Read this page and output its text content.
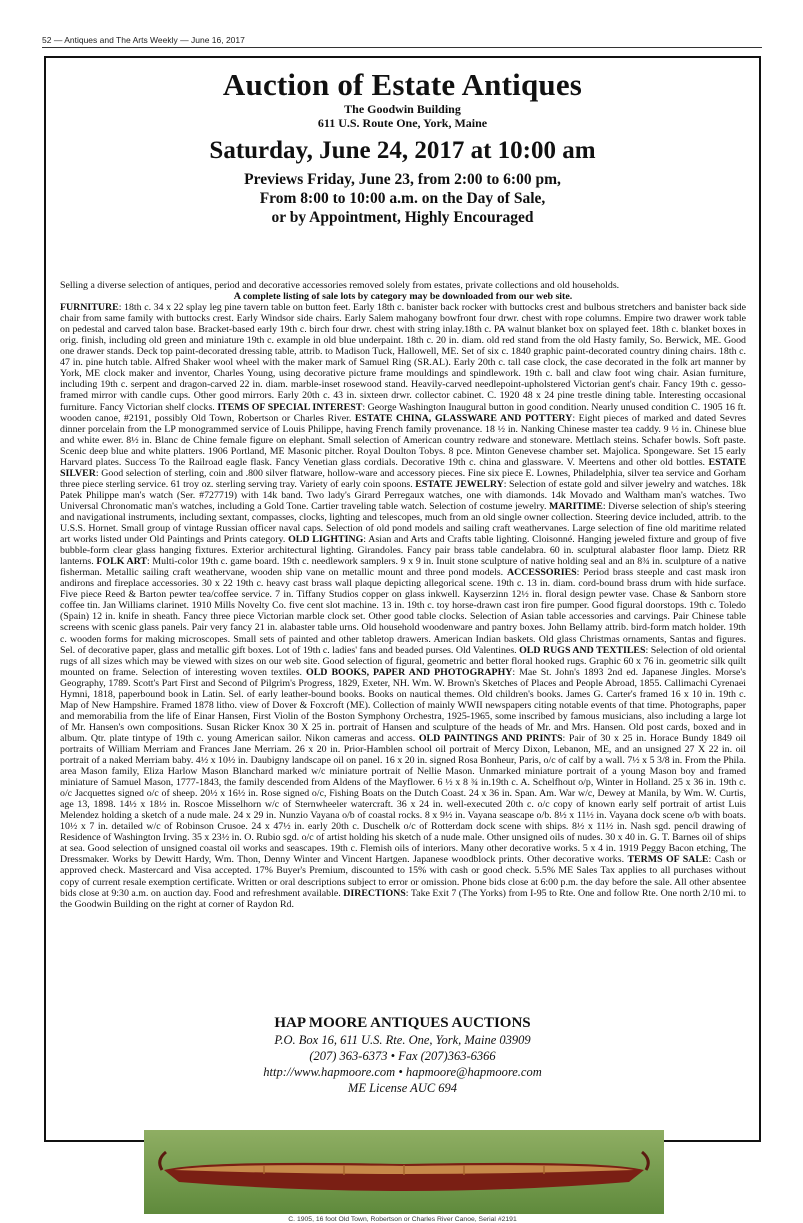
52 — Antiques and The Arts Weekly — June 16, 2017
Auction of Estate Antiques
The Goodwin Building
611 U.S. Route One, York, Maine
Saturday, June 24, 2017 at 10:00 am
Previews Friday, June 23, from 2:00 to 6:00 pm,
From 8:00 to 10:00 a.m. on the Day of Sale,
or by Appointment, Highly Encouraged

Selling a diverse selection of antiques, period and decorative accessories removed solely from estates, private collections and old households.

A complete listing of sale lots by category may be downloaded from our web site.

FURNITURE: 18th c. 34 x 22 splay leg pine tavern table on button feet. Early 18th c. banister back rocker with buttocks crest and bulbous stretchers and banister back side chair from same family with buttocks crest. Early Windsor side chairs. Early Salem mahogany bowfront four drwr. chest with rope columns. Empire two drawer work table on pedestal and carved talon base. Bracket-based early 19th c. birch four drwr. chest with string inlay.18th c. PA walnut blanket box on splayed feet. 18th c. blanket boxes in orig. finish, including old green and miniature 19th c. example in old blue underpaint. 18th c. 20 in. diam. old red stand from the old Hasty family, So. Berwick, ME. Good one drawer stands. Deck top paint-decorated dressing table, attrib. to Madison Tuck, Hallowell, ME. Set of six c. 1840 graphic paint-decorated country dining chairs. 18th c. 47 in. pine hutch table. Alfred Shaker wool wheel with the maker mark of Samuel Ring (SR.AL). Early 20th c. tall case clock, the case decorated in the folk art manner by York, ME clock maker and inventor, Charles Young, using decorative picture frame mouldings and spindlework. 19th c. ball and claw foot wing chair. Asian furniture, including 19th c. serpent and dragon-carved 22 in. diam. marble-inset rosewood stand. Heavily-carved needlepoint-upholstered Victorian gent's chair. Fancy 19th c. gesso-framed mirror with candle cups. Other good mirrors. Early 20th c. 43 in. sixteen drwr. collector cabinet. C. 1920 48 x 24 pine trestle dining table. Interesting occasional furniture. Fancy Victorian shelf clocks. ITEMS OF SPECIAL INTEREST: George Washington Inaugural button in good condition. Nearly unused condition C. 1905 16 ft. wooden canoe, #2191, possibly Old Town, Robertson or Charles River. ESTATE CHINA, GLASSWARE AND POTTERY: Eight pieces of marked and dated Sevres dinner porcelain from the LP monogrammed service of Louis Philippe, having French family provenance. 18 ½ in. Nanking Chinese master tea caddy. 9 ½ in. Chinese blue and white ewer. 8½ in. Blanc de Chine female figure on elephant. Small selection of American country redware and stoneware. Mettlach steins. Schafer bowls. Soft paste. Scenic deep blue and white platters. 1906 Portland, ME Masonic pitcher. Royal Doulton Tobys. 8 pce. Minton Genevese chamber set. Majolica. Spongeware. Set 15 early Harvard plates. Success To the Railroad eagle flask. Fancy Venetian glass cordials. Decorative 19th c. china and glassware. V. Meertens and other old bottles. ESTATE SILVER: Good selection of sterling, coin and .800 silver flatware, hollow-ware and accessory pieces. Fine six piece E. Lownes, Philadelphia, silver tea service and Gorham three piece sterling service. 61 troy oz. sterling serving tray. Variety of early coin spoons. ESTATE JEWELRY: Selection of estate gold and silver jewelry and watches. 18k Patek Philippe man's watch (Ser. #727719) with 14k band. Two lady's Girard Perregaux watches, one with diamonds. 14k Movado and Waltham man's watches. Two Universal Chronomatic man's watches, including a Gold Tone. Cartier traveling table watch. Selection of costume jewelry. MARITIME: Diverse selection of ship's steering and navigational instruments, including sextant, compasses, clocks, lighting and telescopes, much from an old single owner collection. Steering device included, attrib. to the U.S.S. Hornet. Small group of vintage Russian officer naval caps. Selection of old pond models and sailing craft weathervanes. Large selection of fine old maritime related art works listed under Old Paintings and Prints category. OLD LIGHTING: Asian and Arts and Crafts table lighting. Cloisonné. Hanging jeweled fixture and group of five bubble-form clear glass hanging fixtures. Exterior architectural lighting. Girandoles. Fancy pair brass table candelabra. 60 in. sculptural alabaster floor lamp. Dietz RR lanterns. FOLK ART: Multi-color 19th c. game board. 19th c. needlework samplers. 9 x 9 in. Inuit stone sculpture of native holding seal and an 8¾ in. sculpture of a native fisherman. Metallic sailing craft weathervane, wooden ship vane on metallic mount and three pond models. ACCESSORIES: Period brass steeple and cast mask iron andirons and fireplace accessories. 30 x 22 19th c. heavy cast brass wall plaque depicting allegorical scene. 19th c. 13 in. diam. cord-bound brass drum with hide surface. Five piece Reed & Barton pewter tea/coffee service. 7 in. Tiffany Studios copper on glass inkwell. Kayserzinn 12½ in. floral design pewter vase. Chase & Sanborn store coffee tin. Jan Williams clarinet. 1910 Mills Novelty Co. five cent slot machine. 13 in. 19th c. toy horse-drawn cast iron fire pumper. Good figural doorstops. 19th c. Toledo (Spain) 12 in. knife in sheath. Fancy three piece Victorian marble clock set. Other good table clocks. Selection of Asian table accessories and carvings. Pair Chinese table screens with scenic glass panels. Pair very fancy 21 in. alabaster table urns. Old household woodenware and pantry boxes. John Bellamy attrib. bird-form match holder. 19th c. wooden forms for making microscopes. Small sets of painted and other tabletop drawers. American Indian baskets. Old glass Christmas ornaments, Santas and figures. Sel. of decorative paper, glass and metallic gift boxes. Lot of 19th c. ladies' fans and beaded purses. Old Valentines. OLD RUGS AND TEXTILES: Selection of old oriental rugs of all sizes which may be viewed with sizes on our web site. Good selection of figural, geometric and better floral hooked rugs. Graphic 60 x 76 in. geometric silk quilt mounted on frame. Selection of interesting woven textiles. OLD BOOKS, PAPER AND PHOTOGRAPHY: Mae St. John's 1893 2nd ed. Japanese Jingles. Morse's Geography, 1789. Scott's Part First and Second of Pilgrim's Progress, 1829, Exeter, NH. Wm. W. Brown's Sketches of Places and People Abroad, 1855. Callimachi Cyrenaei Hymni, 1818, paperbound book in Latin. Sel. of early leather-bound books. Books on nautical themes. Old children's books. James G. Carter's framed 16 x 10 in. 19th c. Map of New Hampshire. Framed 1878 litho. view of Dover & Foxcroft (ME). Collection of mainly WWII newspapers citing notable events of that time. Photographs, paper and memorabilia from the life of Einar Hansen, First Violin of the Boston Symphony Orchestra, 1925-1965, some inscribed by famous musicians, also including a large lot of Mr. Hansen's own compositions. Susan Ricker Knox 30 X 25 in. portrait of Hansen and sculpture of the heads of Mr. and Mrs. Hansen. Old post cards, boxed and in album. Qtr. plate tintype of 19th c. young American sailor. Nikon cameras and access. OLD PAINTINGS AND PRINTS: Pair of 30 x 25 in. Horace Bundy 1849 oil portraits of William Merriam and Frances Jane Merriam. 26 x 20 in. Prior-Hamblen school oil portrait of Mercy Dixon, Lebanon, ME, and an unsigned 27 X 22 in. oil portrait of a naked Merriam baby. 4½ x 10½ in. Daubigny landscape oil on panel. 16 x 20 in. signed Rosa Bonheur, Paris, o/c of calf by a wall. 7½ x 5 3/8 in. From the Phila. area Mason family, Eliza Harlow Mason Blanchard marked w/c miniature portrait of Nellie Mason. Unmarked miniature portrait of a young Mason boy and framed miniature of Samuel Mason, 1777-1843, the family descended from Aldens of the Mayflower. 6 ½ x 8 ¾ in.19th c. A. Schelfhout o/p, Winter in Holland. 25 x 36 in. 19th c. o/c Jacquettes signed o/c of sheep. 20½ x 16½ in. Rose signed o/c, Fishing Boats on the Dutch Coast. 24 x 36 in. Span. Am. War w/c, Dewey at Manila, by Wm. W. Curtis, age 13, 1898. 14½ x 18½ in. Roscoe Misselhorn w/c of Sternwheeler watercraft. 36 x 24 in. well-executed 20th c. o/c copy of known early self portrait of artist Luis Melendez holding a sketch of a nude male. 24 x 29 in. Nunzio Vayana o/b of coastal rocks. 8 x 9½ in. Vayana seascape o/b. 8½ x 11½ in. Vayana dock scene o/b with boats. 10½ x 7 in. detailed w/c of Robinson Crusoe. 24 x 47½ in. early 20th c. Duschelk o/c of Rotterdam dock scene with ships. 8½ x 11½ in. Nash sgd. pencil drawing of Residence of Washington Irving. 35 x 23½ in. O. Rubio sgd. o/c of artist holding his sketch of a nude male. Other unsigned oils of nudes. 30 x 40 in. G. T. Barnes oil of ships at sea. Good selection of unsigned coastal oil works and seascapes. 19th c. Flemish oils of interiors. Many other decorative works. 5 x 4 in. 1919 Peggy Bacon etching, The Dressmaker. Works by Dewitt Hardy, Wm. Thon, Denny Winter and Vincent Hartgen. Japanese woodblock prints. Other decorative works. TERMS OF SALE: Cash or approved check. Mastercard and Visa accepted. 17% Buyer's Premium, discounted to 15% with cash or good check. 5.5% ME Sales Tax applies to all purchases without copy of current resale exemption certificate. Written or oral descriptions subject to error or omission. Phone bids close at 6:00 p.m. the day before the sale. All other absentee bids close at 9:30 a.m. on auction day. Food and refreshment available. DIRECTIONS: Take Exit 7 (The Yorks) from I-95 to Rte. One and follow Rte. One north 2/10 mi. to the Goodwin Building on the right at corner of Raydon Rd.

HAP MOORE ANTIQUES AUCTIONS
P.O. Box 16, 611 U.S. Rte. One, York, Maine 03909
(207) 363-6373 • Fax (207)363-6366
http://www.hapmoore.com • hapmoore@hapmoore.com
ME License AUC 694
C. 1905, 16 foot Old Town, Robertson or Charles River Canoe, Serial #2191
